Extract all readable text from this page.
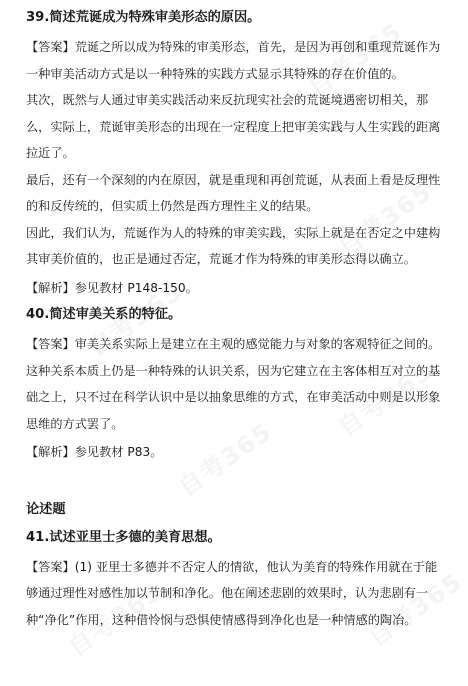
39.简述荒诞成为特殊审美形态的原因。

【答案】荒诞之所以成为特殊的审美形态，首先，是因为再创和重现荒诞作为一种审美活动方式是以一种特殊的实践方式显示其特殊的存在价值的。

其次，既然与人通过审美实践活动来反抗现实社会的荒诞境遇密切相关，那么，实际上，荒诞审美形态的出现在一定程度上把审美实践与人生实践的距离拉近了。

最后，还有一个深刻的内在原因，就是重现和再创荒诞，从表面上看是反理性的和反传统的，但实质上仍然是西方理性主义的结果。

因此，我们认为，荒诞作为人的特殊的审美实践，实际上就是在否定之中建构其审美价值的，也正是通过否定，荒诞才作为特殊的审美形态得以确立。

【解析】参见教材 P148-150。

40.简述审美关系的特征。

【答案】审美关系实际上是建立在主观的感觉能力与对象的客观特征之间的。这种关系本质上仍是一种特殊的认识关系，因为它建立在主客体相互对立的基础之上，只不过在科学认识中是以抽象思维的方式，在审美活动中则是以形象思维的方式罢了。

【解析】参见教材 P83。

论述题

41.试述亚里士多德的美育思想。

【答案】(1) 亚里士多德并不否定人的情欲，他认为美育的特殊作用就在于能够通过理性对感性加以节制和净化。他在阐述悲剧的效果时，认为悲剧有一种“净化”作用，这种借怜悯与恐惧使情感得到净化也是一种情感的陶冶。
